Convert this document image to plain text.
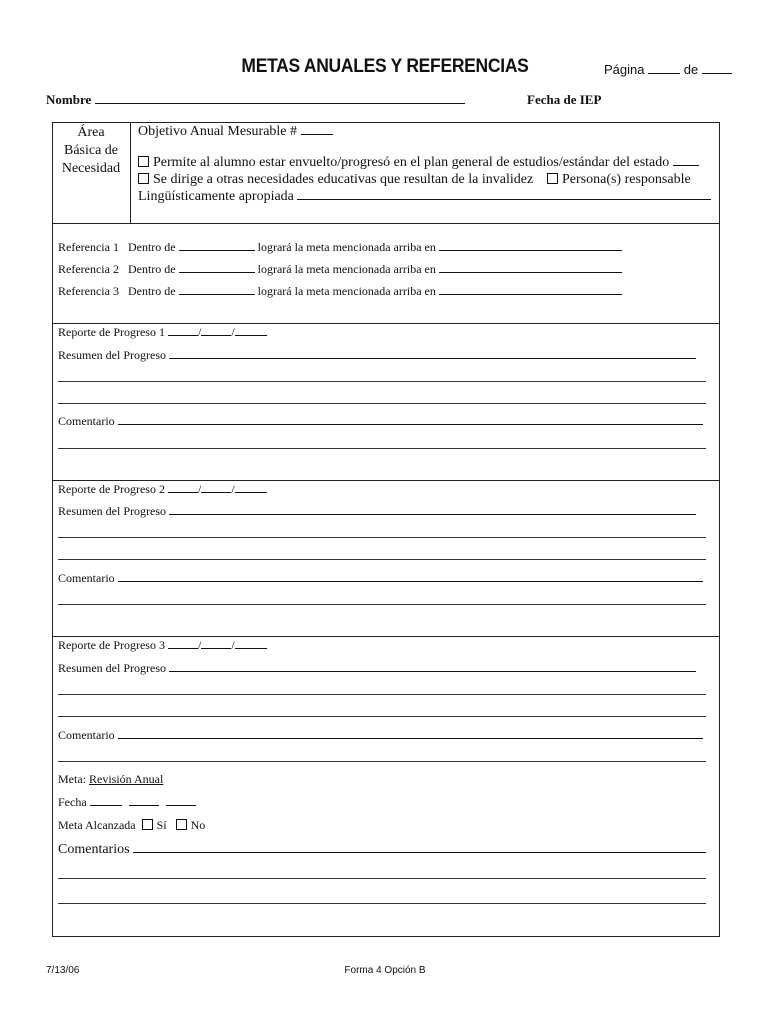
METAS ANUALES Y REFERENCIAS	Página	de
Nombre	Fecha de IEP
Área
Básica de
Necesidad
Objetivo Anual Mesurable #
Permite al alumno estar envuelto/progresó en el plan general de estudios/estándar del estado
Se dirige a otras necesidades educativas que resultan de la invalidez	Persona(s) responsable
Lingüísticamente apropiada
Referencia 1 Dentro de	logrará la meta mencionada arriba en
Referencia 2 Dentro de	logrará la meta mencionada arriba en
Referencia 3 Dentro de	logrará la meta mencionada arriba en
Reporte de Progreso 1	/	/
Resumen del Progreso
Comentario
Reporte de Progreso 2	/	/
Resumen del Progreso
Comentario
Reporte de Progreso 3	/	/
Resumen del Progreso
Comentario
Meta: Revisión Anual
Fecha
Meta Alcanzada Sí No
Comentarios
7/13/06	Forma 4 Opción B
